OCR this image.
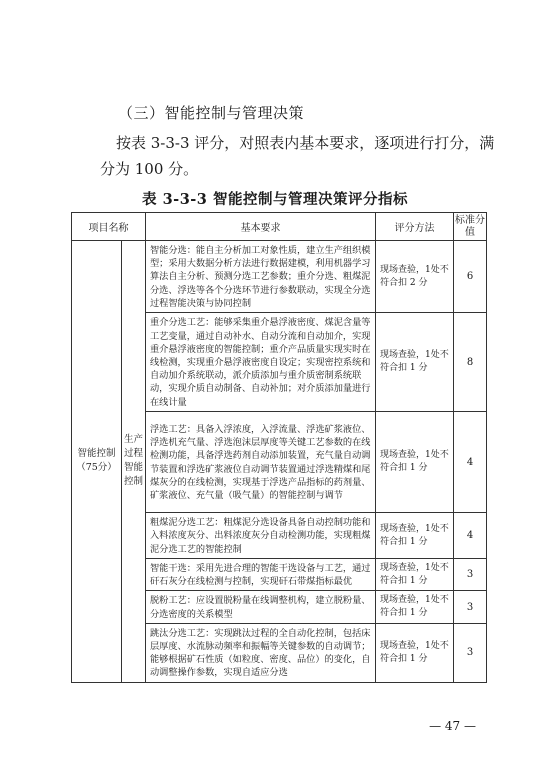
（三）智能控制与管理决策
按表 3-3-3 评分，对照表内基本要求，逐项进行打分，满分为 100 分。
表 3-3-3 智能控制与管理决策评分指标
项目名称		基本要求	评分方法	标准分值
智能控制（75分）	生产过程智能控制	智能分选：能自主分析加工对象性质，建立生产组织模型；采用大数据分析方法进行数据建模，利用机器学习算法自主分析、预测分选工艺参数；重介分选、粗煤泥分选、浮选等各个分选环节进行参数联动，实现全分选过程智能决策与协同控制	现场查验，1处不符合扣 2 分	6
		重介分选工艺：能够采集重介悬浮液密度、煤泥含量等工艺变量，通过自动补水、自动分流和自动加介，实现重介悬浮液密度的智能控制；重介产品质量实现实时在线检测，实现重介悬浮液密度自设定；实现密控系统和自动加介系统联动，派介质添加与重介质密制系统联动，实现介质自动制备、自动补加；对介质添加量进行在线计量	现场查验，1处不符合扣 1 分	8
		浮选工艺：具备入浮浓度，入浮流量、浮选矿浆液位、浮选机充气量、浮选泡沫层厚度等关键工艺参数的在线检测功能，具备浮选药剂自动添加装置，充气量自动调节装置和浮选矿浆液位自动调节装置通过浮选精煤和尾煤灰分的在线检测，实现基于浮选产品指标的药剂量、矿浆液位、充气量（吸气量）的智能控制与调节	现场查验，1处不符合扣 1 分	4
		粗煤泥分选工艺：粗煤泥分选设备具备自动控制功能和入料浓度灰分、出料浓度灰分自动检测功能，实现粗煤泥分选工艺的智能控制	现场查验，1处不符合扣 1 分	4
		智能干选：采用先进合理的智能干选设备与工艺，通过矸石灰分在线检测与控制，实现矸石带煤指标最优	现场查验，1处不符合扣 1 分	3
		脱粉工艺：应设置脱粉量在线调整机构，建立脱粉量、分选密度的关系模型	现场查验，1处不符合扣 1 分	3
		跳汰分选工艺：实现跳汰过程的全自动化控制，包括床层厚度、水流脉动频率和振幅等关键参数的自动调节；能够根据矿石性质（如粒度、密度、品位）的变化，自动调整操作参数，实现自适应分选	现场查验，1处不符合扣 1 分	3
— 47 —
